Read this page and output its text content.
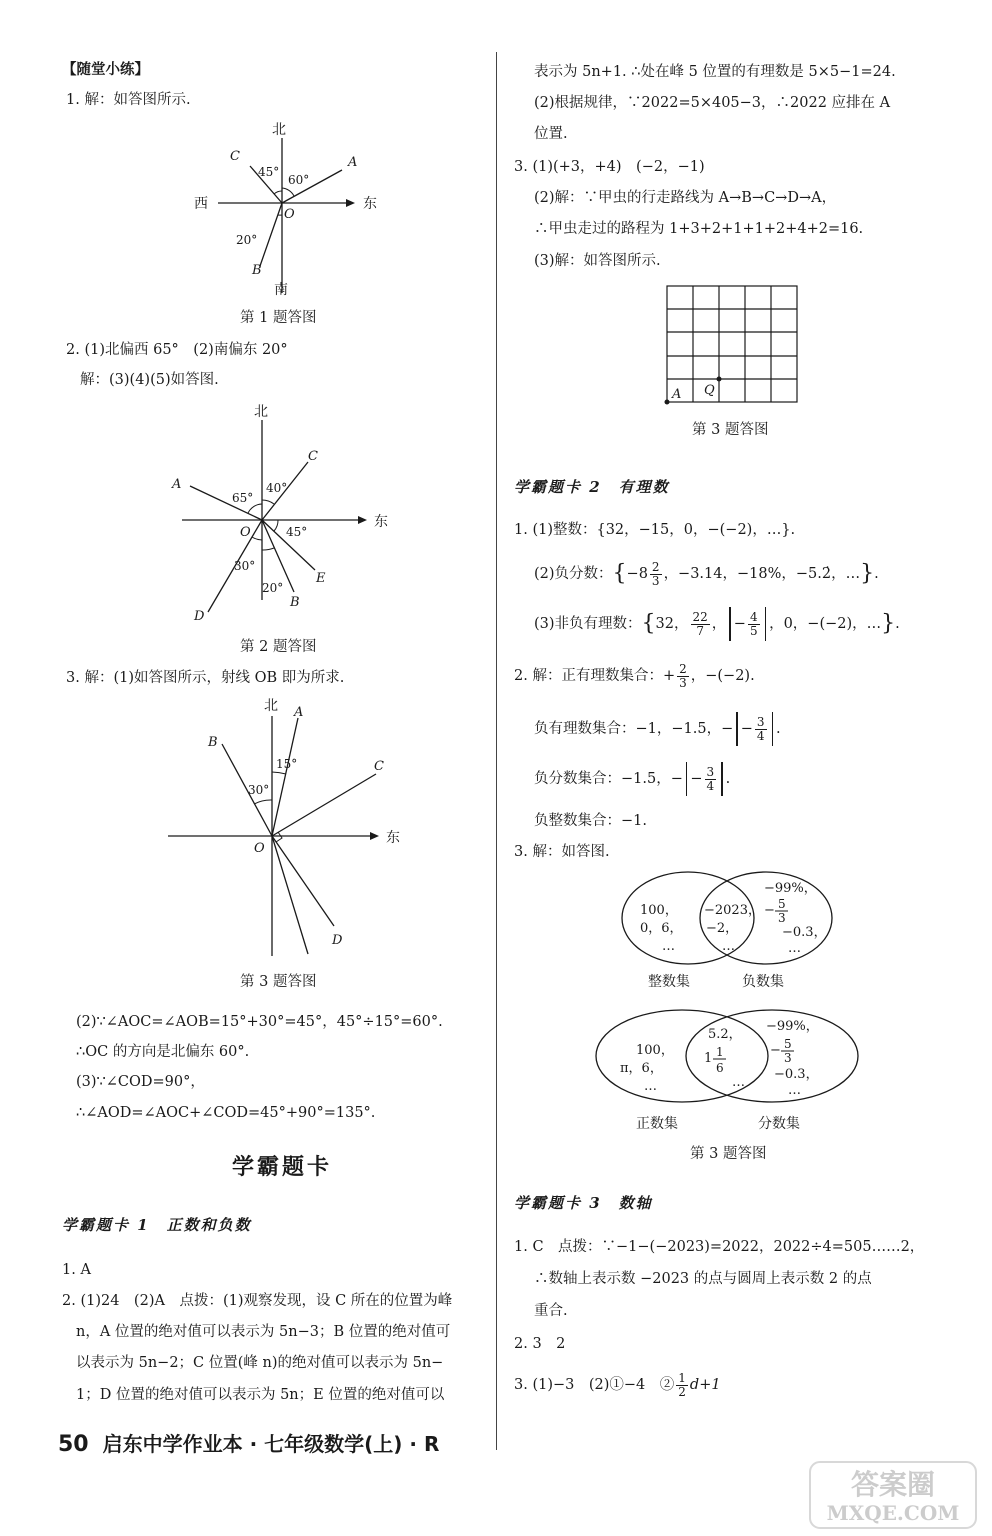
【随堂小练】
1. 解：如答图所示.
北
南
东
西
45°
60°
20°
C	A
B
O
第 1 题答图
2. (1)北偏西 65°　(2)南偏东 20°
解：(3)(4)(5)如答图.
北
东
A
C
O
D
E
B
65°
40°
45°
30°
20°
第 2 题答图
3. 解：(1)如答图所示，射线 OB 即为所求.
北
东
A
B
C
D
O
15°
30°
第 3 题答图
(2)∵∠AOC=∠AOB=15°+30°=45°，45°÷15°=60°.
∴OC 的方向是北偏东 60°.
(3)∵∠COD=90°，
∴∠AOD=∠AOC+∠COD=45°+90°=135°.
学霸题卡
学霸题卡 1　正数和负数
1. A
2. (1)24　(2)A　点拨：(1)观察发现，设 C 所在的位置为峰
n，A 位置的绝对值可以表示为 5n−3；B 位置的绝对值可
以表示为 5n−2；C 位置(峰 n)的绝对值可以表示为 5n−
1；D 位置的绝对值可以表示为 5n；E 位置的绝对值可以
表示为 5n+1. ∴处在峰 5 位置的有理数是 5×5−1=24.
(2)根据规律，∵2022=5×405−3，∴2022 应排在 A
位置.
3. (1)(+3，+4)　(−2，−1)
(2)解：∵甲虫的行走路线为 A→B→C→D→A，
∴甲虫走过的路程为 1+3+2+1+1+2+4+2=16.
(3)解：如答图所示.
A Q
第 3 题答图
学霸题卡 2　有理数
1. (1)整数：{32，−15，0，−(−2)，…}.
(2)负分数：{$-8 \frac{2}{3}$ ，−3.14，−18%，−5.2̇，…}.
(3)非负有理数：{32， $\frac{22}{7}$ ， − $\frac{4}{5}$ ，0，−(−2)，…}.
2. 解：正有理数集合：+ $\frac{2}{3}$ ，−(−2).
负有理数集合：−1，−1.5，− − $\frac{3}{4}$ .
负分数集合：−1.5，− − $\frac{3}{4}$ .
负整数集合：−1.
3. 解：如答图.
100，
0，6，
…
−2023，
−2，
…
−99%，
− 5
3
−0.3，
…
整数集	负数集
100，
π，6，
…
5.2，
1 1
6
…
−99%，
− 5
3
−0.3，
…
正数集	分数集
第 3 题答图
学霸题卡 3　数轴
1. C　点拨：∵−1−(−2023)=2022，2022÷4=505……2，
∴数轴上表示数 −2023 的点与圆周上表示数 2 的点
重合.
2. 3　2
3. (1)−3　(2)①−4　② $\frac{1}{2} d+1$
50 启东中学作业本 · 七年级数学(上) · R
答案圈
MXQE.COM
